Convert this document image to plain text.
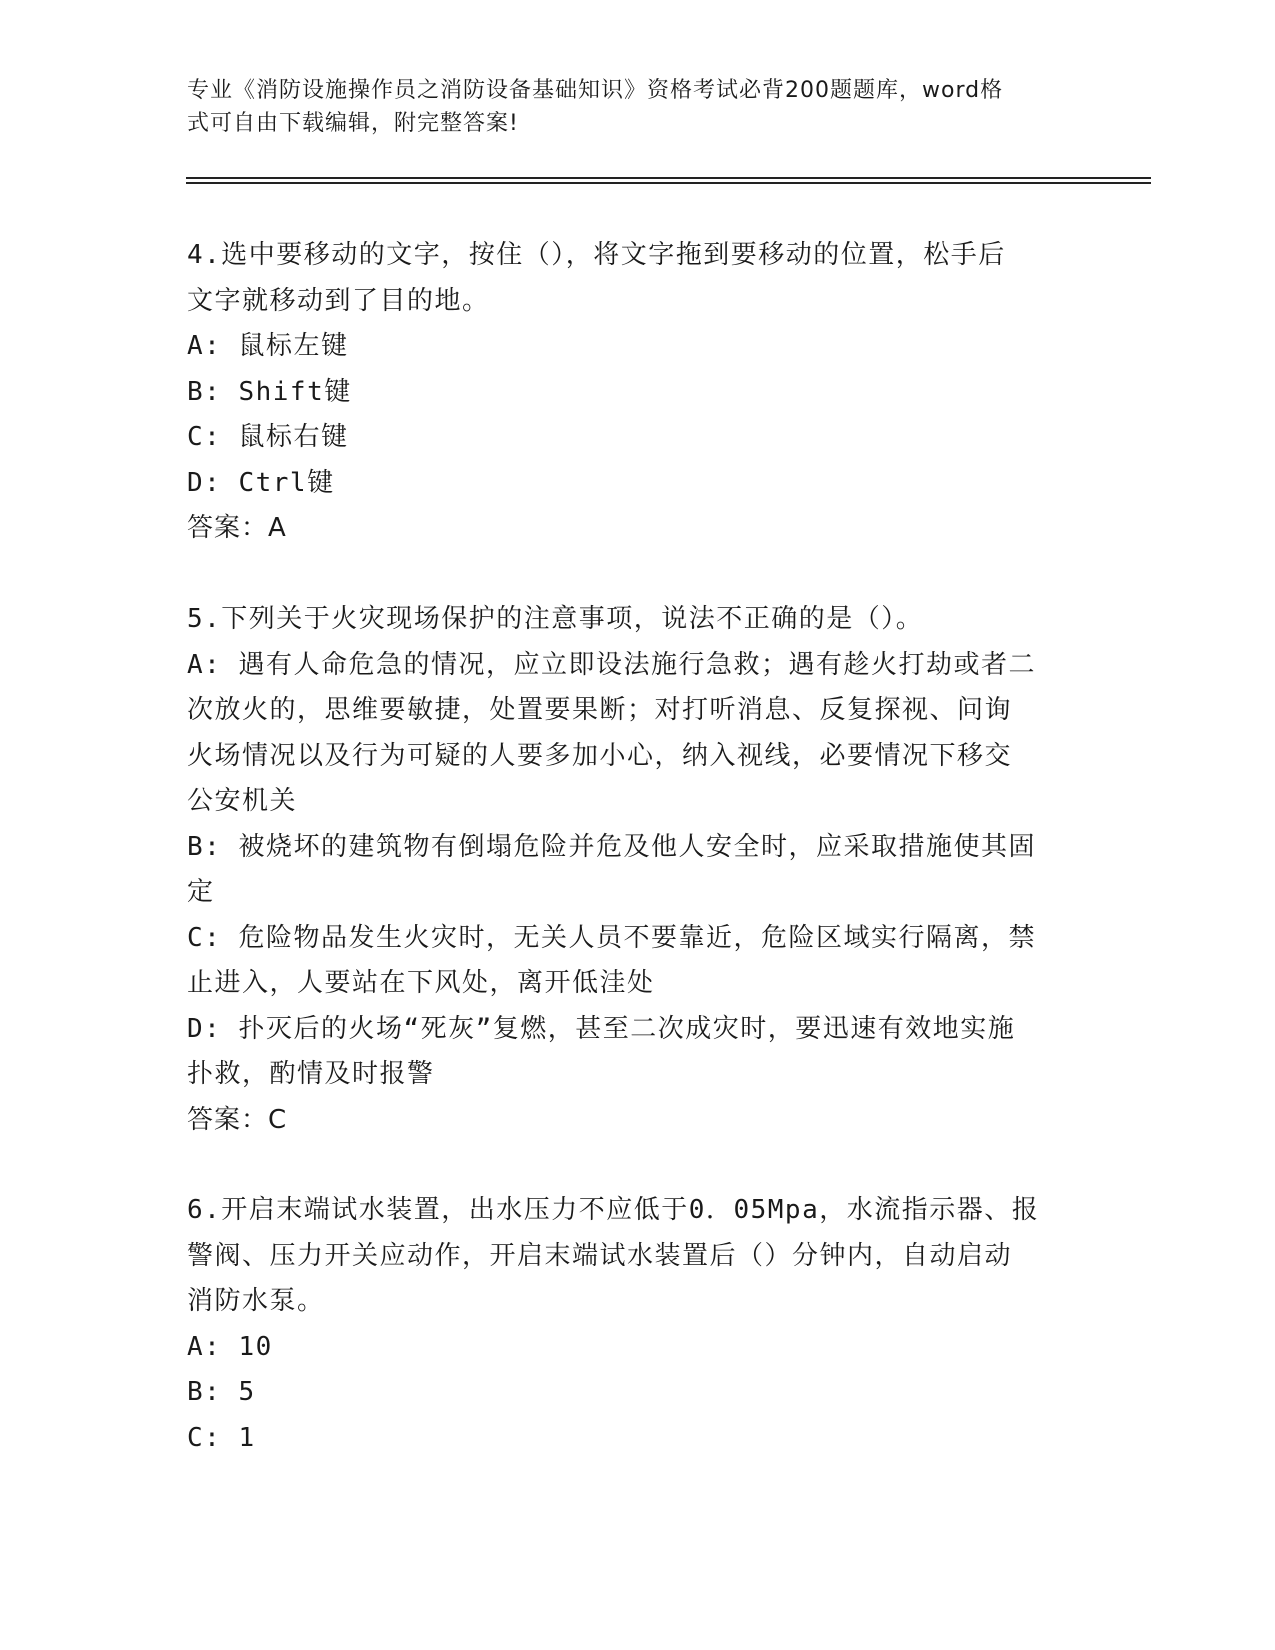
专业《消防设施操作员之消防设备基础知识》资格考试必背200题题库，word格
式可自由下载编辑，附完整答案!
4.选中要移动的文字，按住（），将文字拖到要移动的位置，松手后
文字就移动到了目的地。
A: 鼠标左键
B: Shift键
C: 鼠标右键
D: Ctrl键
答案：A
5.下列关于火灾现场保护的注意事项，说法不正确的是（）。
A: 遇有人命危急的情况，应立即设法施行急救；遇有趁火打劫或者二
次放火的，思维要敏捷，处置要果断；对打听消息、反复探视、问询
火场情况以及行为可疑的人要多加小心，纳入视线，必要情况下移交
公安机关
B: 被烧坏的建筑物有倒塌危险并危及他人安全时，应采取措施使其固
定
C: 危险物品发生火灾时，无关人员不要靠近，危险区域实行隔离，禁
止进入，人要站在下风处，离开低洼处
D: 扑灭后的火场“死灰”复燃，甚至二次成灾时，要迅速有效地实施
扑救，酌情及时报警
答案：C
6.开启末端试水装置，出水压力不应低于0．05Mpa，水流指示器、报
警阀、压力开关应动作，开启末端试水装置后（）分钟内，自动启动
消防水泵。
A: 10
B: 5
C: 1
